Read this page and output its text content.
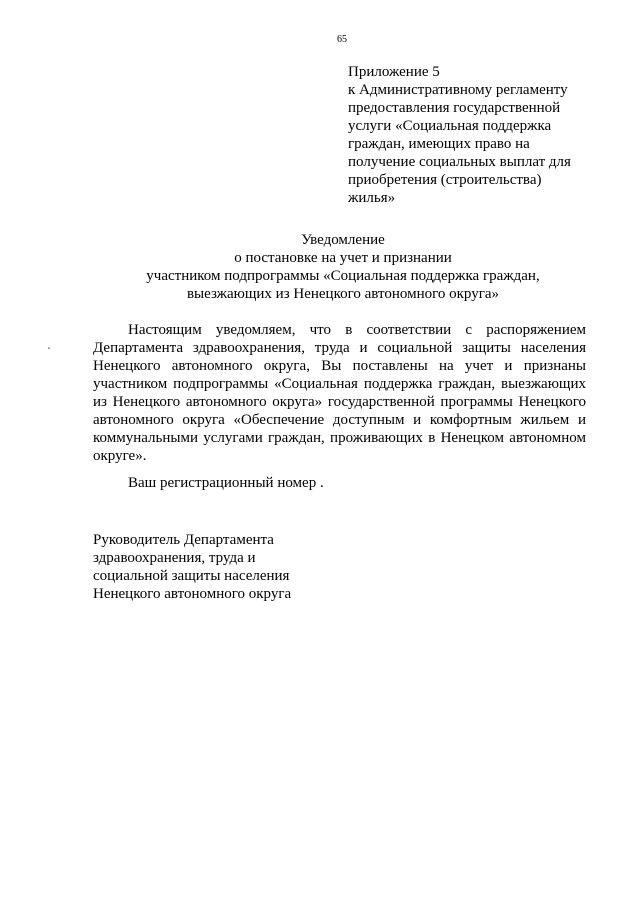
65
Приложение 5
к Административному регламенту
предоставления государственной
услуги «Социальная поддержка
граждан, имеющих право на
получение социальных выплат для
приобретения (строительства)
жилья»
Уведомление
о постановке на учет и признании
участником подпрограммы «Социальная поддержка граждан,
выезжающих из Ненецкого автономного округа»
.
Настоящим уведомляем, что в соответствии с распоряжением
Департамента здравоохранения, труда и социальной защиты населения
Ненецкого автономного округа, Вы поставлены на учет и признаны
участником подпрограммы «Социальная поддержка граждан, выезжающих
из Ненецкого автономного округа» государственной программы Ненецкого
автономного округа «Обеспечение доступным и комфортным жильем и
коммунальными услугами граждан, проживающих в Ненецком автономном
округе».
Ваш регистрационный номер .
Руководитель Департамента
здравоохранения, труда и
социальной защиты населения
Ненецкого автономного округа
